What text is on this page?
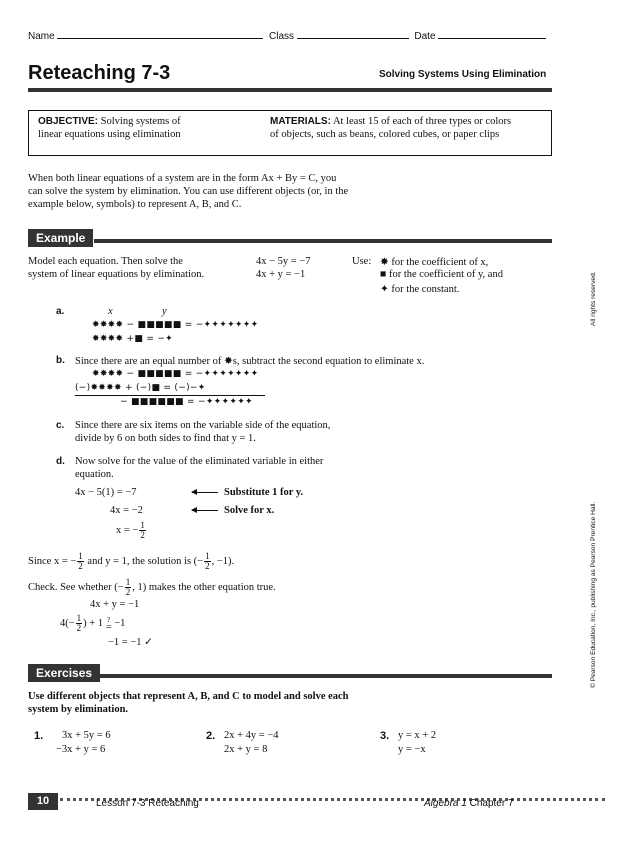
Name	Class	Date
Reteaching 7-3	Solving Systems Using Elimination
OBJECTIVE: Solving systems of
linear equations using elimination
MATERIALS: At least 15 of each of three types or colors
of objects, such as beans, colored cubes, or paper clips
When both linear equations of a system are in the form Ax + By = C, you
can solve the system by elimination. You can use different objects (or, in the
example below, symbols) to represent A, B, and C.
Example
Model each equation. Then solve the
system of linear equations by elimination.
4x − 5y = −7
4x + y = −1
Use: ✸ for the coefficient of x,
■ for the coefficient of y, and
✦ for the constant.
a.	x	y
✸✸✸✸ − ■■■■■ = −✦✦✦✦✦✦✦
✸✸✸✸ +■ = −✦
b. Since there are an equal number of ✸s, subtract the second equation to eliminate x.
✸✸✸✸ − ■■■■■ = −✦✦✦✦✦✦✦
(−)✸✸✸✸ + (−)■ = (−)−✦
− ■■■■■■ = −✦✦✦✦✦✦
c. Since there are six items on the variable side of the equation,
divide by 6 on both sides to find that y = 1.
d. Now solve for the value of the eliminated variable in either
equation.
4x − 5(1) = −7	Substitute 1 for y.
4x = −2	Solve for x.
x = − $\frac{1}{2}$
Since x = − $\frac{1}{2}$ and y = 1, the solution is (− $\frac{1}{2}$ , −1).
Check. See whether (− $\frac{1}{2}$ , 1) makes the other equation true.
4x + y = −1
$4(- \frac{1}{2}$ ) + 1 ?
= −1
−1 = −1 ✓
Exercises
Use different objects that represent A, B, and C to model and solve each
system by elimination.
1. 3x + 5y = 6
−3x + y = 6
2. 2x + 4y = −4
2x + y = 8
3. y = x + 2
y = −x
10	Lesson 7-3 Reteaching	Algebra 1 Chapter 7
All rights reserved.
© Pearson Education, Inc., publishing as Pearson Prentice Hall.
